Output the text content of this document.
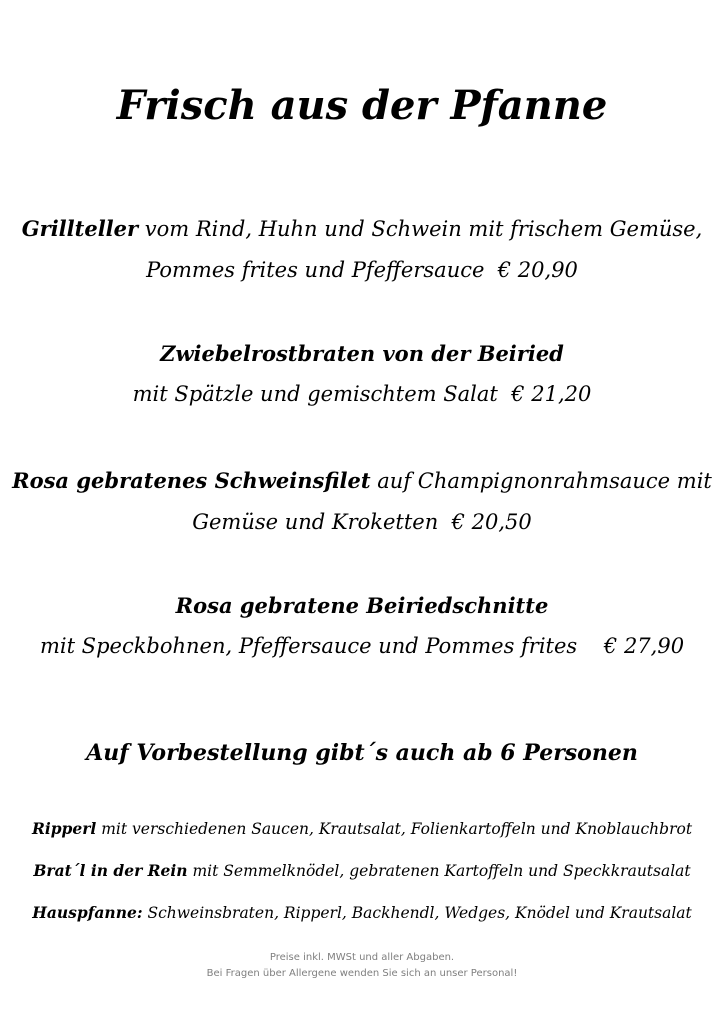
Frisch aus der Pfanne
Grillteller vom Rind, Huhn und Schwein mit frischem Gemüse,
Pommes frites und Pfeffersauce € 20,90
Zwiebelrostbraten von der Beiried
mit Spätzle und gemischtem Salat € 21,20
Rosa gebratenes Schweinsfilet auf Champignonrahmsauce mit
Gemüse und Kroketten € 20,50
Rosa gebratene Beiriedschnitte
mit Speckbohnen, Pfeffersauce und Pommes frites € 27,90
Auf Vorbestellung gibt´s auch ab 6 Personen
Ripperl mit verschiedenen Saucen, Krautsalat, Folienkartoffeln und Knoblauchbrot
Brat´l in der Rein mit Semmelknödel, gebratenen Kartoffeln und Speckkrautsalat
Hauspfanne: Schweinsbraten, Ripperl, Backhendl, Wedges, Knödel und Krautsalat
Preise inkl. MWSt und aller Abgaben.
Bei Fragen über Allergene wenden Sie sich an unser Personal!
